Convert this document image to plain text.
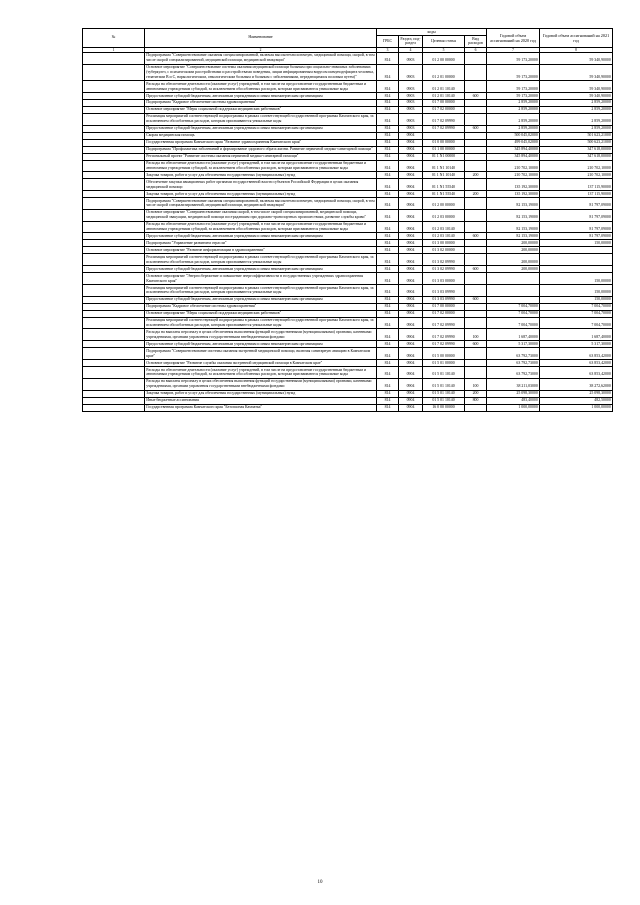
№	Наименование	коды				Годовой объем ассигнований на 2020 год	Годовой объем ассигнований на 2021 год
		ГРБС	Раздел, под-раздел	Целевая статья	Вид расходов		
1	2	3	4	5	6	7	8
	Подпрограмма "Совершенствование оказания специализированной, включая высокотехнологичную, медицинской помощи, скорой, в том числе скорой специализированной, медицинской помощи, медицинской эвакуации"	814	0903	01 2 00 00000		59 173,20000	59 340,90000
	Основное мероприятие "Совершенствование системы оказания медицинской помощи больным при социально-значимых заболеваниях (туберкулез, с психическими расстройствами и расстройствами поведения, лицам инфицированным вирусом иммунодефицита человека, гепатитами В и С, наркологическим, онкологическим больным и больным с заболеваниями, передающимися половым путем)"	814	0903	01 2 01 00000		59 173,20000	59 340,90000
	Расходы на обеспечение деятельности (оказание услуг) учреждений, в том числе на предоставление государственным бюджетным и автономным учреждениям субсидий, за исключением обособленных расходов, которым присваиваются уникальные коды	814	0903	01 2 01 10140		59 173,20000	59 340,90000
	Предоставление субсидий бюджетным, автономным учреждениям и иным некоммерческим организациям	814	0903	01 2 01 10140	600	59 173,20000	59 340,90000
	Подпрограмма "Кадровое обеспечение системы здравоохранения"	814	0903	01 7 00 00000		2 859,20000	2 859,20000
	Основное мероприятие "Меры социальной поддержки медицинских работников"	814	0903	01 7 02 00000		2 859,20000	2 859,20000
	Реализация мероприятий соответствующей подпрограммы в рамках соответствующей государственной программы Камчатского края, за исключением обособленных расходов, которым присваиваются уникальные коды	814	0903	01 7 02 09990		2 859,20000	2 859,20000
	Предоставление субсидий бюджетным, автономным учреждениям и иным некоммерческим организациям	814	0903	01 7 02 09990	600	2 859,20000	2 859,20000
	Скорая медицинская помощь	814	0904			500 045,02000	501 623,21000
	Государственная программа Камчатского края "Развитие здравоохранения Камчатского края"	814	0904	01 0 00 00000		499 045,02000	500 623,21000
	Подпрограмма "Профилактика заболеваний и формирование здорового образа жизни. Развитие первичной медико-санитарной помощи"	814	0904	01 1 00 00000		345 894,40000	347 618,00000
	Региональный проект "Развитие системы оказания первичной медико-санитарной помощи"	814	0904	01 1 N1 00000		345 894,40000	347 618,00000
	Расходы на обеспечение деятельности (оказание услуг) учреждений, в том числе на предоставление государственным бюджетным и автономным учреждениям субсидий, за исключением обособленных расходов, которым присваиваются уникальные коды	814	0904	01 1 N1 10140		210 702,10000	210 702,10000
	Закупка товаров, работ и услуг для обеспечения государственных (муниципальных) нужд	814	0904	01 1 N1 10140	200	210 702,10000	210 702,10000
	Обеспечение закупки авиационных работ органами государственной власти субъектов Российской Федерации в целях оказания медицинской помощи	814	0904	01 1 N1 55540		135 192,30000	137 115,90000
	Закупка товаров, работ и услуг для обеспечения государственных (муниципальных) нужд	814	0904	01 1 N1 55540	200	135 192,30000	137 115,90000
	Подпрограмма "Совершенствование оказания специализированной, включая высокотехнологичную, медицинской помощи, скорой, в том числе скорой специализированной, медицинской помощи, медицинской эвакуации"	814	0904	01 2 00 00000		82 153,19000	81 797,09000
	Основное мероприятие "Совершенствование оказания скорой, в том числе скорой специализированной, медицинской помощи, медицинской эвакуации, медицинской помощи пострадавшим при дорожно-транспортных происшествиях, развитие службы крови"	814	0904	01 2 03 00000		82 153,19000	81 797,09000
	Расходы на обеспечение деятельности (оказание услуг) учреждений, в том числе на предоставление государственным бюджетным и автономным учреждениям субсидий, за исключением обособленных расходов, которым присваиваются уникальные коды	814	0904	01 2 03 10140		82 153,19000	81 797,09000
	Предоставление субсидий бюджетным, автономным учреждениям и иным некоммерческим организациям	814	0904	01 2 03 10140	600	82 153,19000	81 797,09000
	Подпрограмма "Управление развитием отрасли"	814	0904	01 3 00 00000		200,00000	150,00000
	Основное мероприятие "Развитие информатизации в здравоохранении"	814	0904	01 3 02 00000		200,00000	
	Реализация мероприятий соответствующей подпрограммы в рамках соответствующей государственной программы Камчатского края, за исключением обособленных расходов, которым присваиваются уникальные коды	814	0904	01 3 02 09990		200,00000	
	Предоставление субсидий бюджетным, автономным учреждениям и иным некоммерческим организациям	814	0904	01 3 02 09990	600	200,00000	
	Основное мероприятие "Энергосбережение и повышение энергоэффективности в государственных учреждениях здравоохранения Камчатского края"	814	0904	01 3 03 00000			150,00000
	Реализация мероприятий соответствующей подпрограммы в рамках соответствующей государственной программы Камчатского края, за исключением обособленных расходов, которым присваиваются уникальные коды	814	0904	01 3 03 09990			150,00000
	Предоставление субсидий бюджетным, автономным учреждениям и иным некоммерческим организациям	814	0904	01 3 03 09990	600		150,00000
	Подпрограмма "Кадровое обеспечение системы здравоохранения"	814	0904	01 7 00 00000		7 004,70000	7 004,70000
	Основное мероприятие "Меры социальной поддержки медицинских работников"	814	0904	01 7 02 00000		7 004,70000	7 004,70000
	Реализация мероприятий соответствующей подпрограммы в рамках соответствующей государственной программы Камчатского края, за исключением обособленных расходов, которым присваиваются уникальные коды	814	0904	01 7 02 09990		7 004,70000	7 004,70000
	Расходы на выплаты персоналу в целях обеспечения выполнения функций государственными (муниципальными) органами, казенными учреждениями, органами управления государственными внебюджетными фондами	814	0904	01 7 02 09990	100	1 687,40000	1 687,40000
	Предоставление субсидий бюджетным, автономным учреждениям и иным некоммерческим организациям	814	0904	01 7 02 09990	600	5 317,30000	5 317,30000
	Подпрограмма "Совершенствование системы оказания экстренной медицинской помощи, включая санитарную авиацию в Камчатском крае"	814	0904	01 5 00 00000		63 792,73000	63 853,42000
	Основное мероприятие "Развитие службы оказания экстренной медицинской помощи в Камчатском крае"	814	0904	01 5 01 00000		63 792,73000	63 853,42000
	Расходы на обеспечение деятельности (оказание услуг) учреждений, в том числе на предоставление государственным бюджетным и автономным учреждениям субсидий, за исключением обособленных расходов, которым присваиваются уникальные коды	814	0904	01 5 01 10140		63 792,73000	63 853,42000
	Расходы на выплаты персоналу в целях обеспечения выполнения функций государственными (муниципальными) органами, казенными учреждениями, органами управления государственными внебюджетными фондами	814	0904	01 5 01 10140	100	38 211,03000	38 272,62000
	Закупка товаров, работ и услуг для обеспечения государственных (муниципальных) нужд	814	0904	01 5 01 10140	200	25 098,30000	25 098,30000
	Иные бюджетные ассигнования	814	0904	01 5 01 10140	800	483,40000	482,50000
	Государственная программа Камчатского края "Безопасная Камчатка"	814	0904	16 0 00 00000		1 000,00000	1 000,00000
10
